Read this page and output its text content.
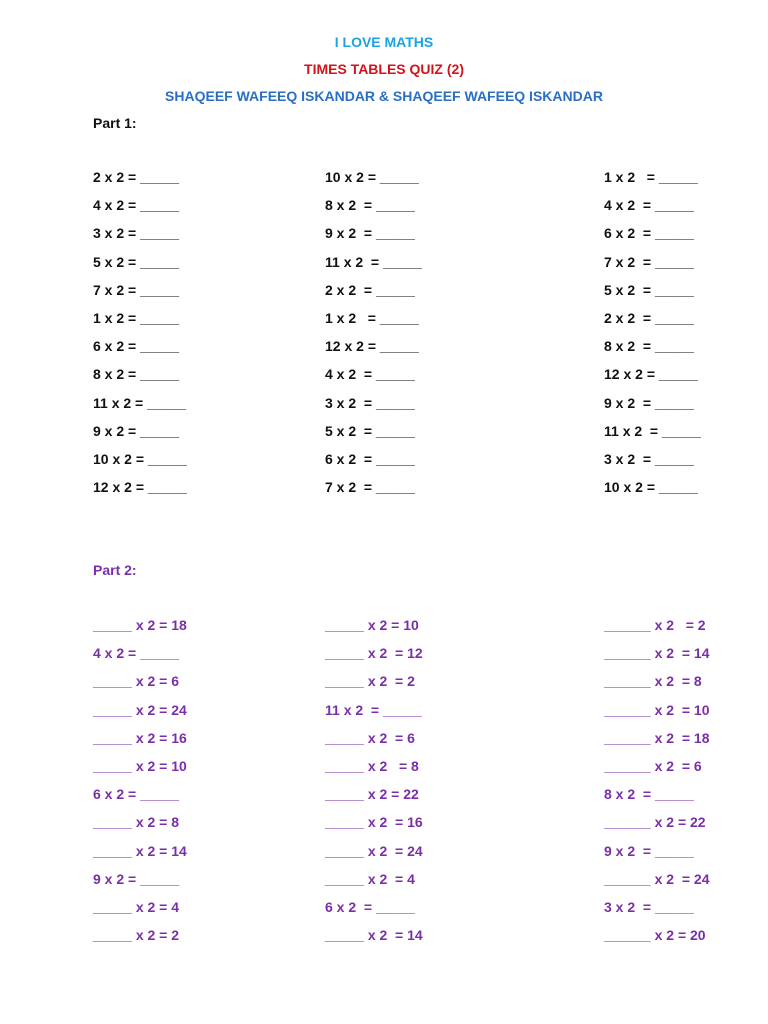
I LOVE MATHS
TIMES TABLES QUIZ (2)
SHAQEEF WAFEEQ ISKANDAR & SHAQEEF WAFEEQ ISKANDAR
Part 1:
2 x 2 = _____
4 x 2 = _____
3 x 2 = _____
5 x 2 = _____
7 x 2 = _____
1 x 2 = _____
6 x 2 = _____
8 x 2 = _____
11 x 2 = _____
9 x 2 = _____
10 x 2 = _____
12 x 2 = _____
10 x 2 = _____
8 x 2  = _____
9 x 2  = _____
11 x 2  = _____
2 x 2  = _____
1 x 2   = _____
12 x 2 = _____
4 x 2  = _____
3 x 2  = _____
5 x 2  = _____
6 x 2  = _____
7 x 2  = _____
1 x 2   = _____
4 x 2  = _____
6 x 2  = _____
7 x 2  = _____
5 x 2  = _____
2 x 2  = _____
8 x 2  = _____
12 x 2 = _____
9 x 2  = _____
11 x 2  = _____
3 x 2  = _____
10 x 2 = _____
Part 2:
_____ x 2 = 18
4 x 2 = _____
_____ x 2 = 6
_____ x 2 = 24
_____ x 2 = 16
_____ x 2 = 10
6 x 2 = _____
_____ x 2 = 8
_____ x 2 = 14
9 x 2 = _____
_____ x 2 = 4
_____ x 2 = 2
_____ x 2 = 10
_____ x 2  = 12
_____ x 2  = 2
11 x 2  = _____
_____ x 2  = 6
_____ x 2   = 8
_____ x 2 = 22
_____ x 2  = 16
_____ x 2  = 24
_____ x 2  = 4
6 x 2  = _____
_____ x 2  = 14
______ x 2   = 2
______ x 2  = 14
______ x 2  = 8
______ x 2  = 10
______ x 2  = 18
______ x 2  = 6
8 x 2  = _____
______ x 2 = 22
9 x 2  = _____
______ x 2  = 24
3 x 2  = _____
______ x 2 = 20
